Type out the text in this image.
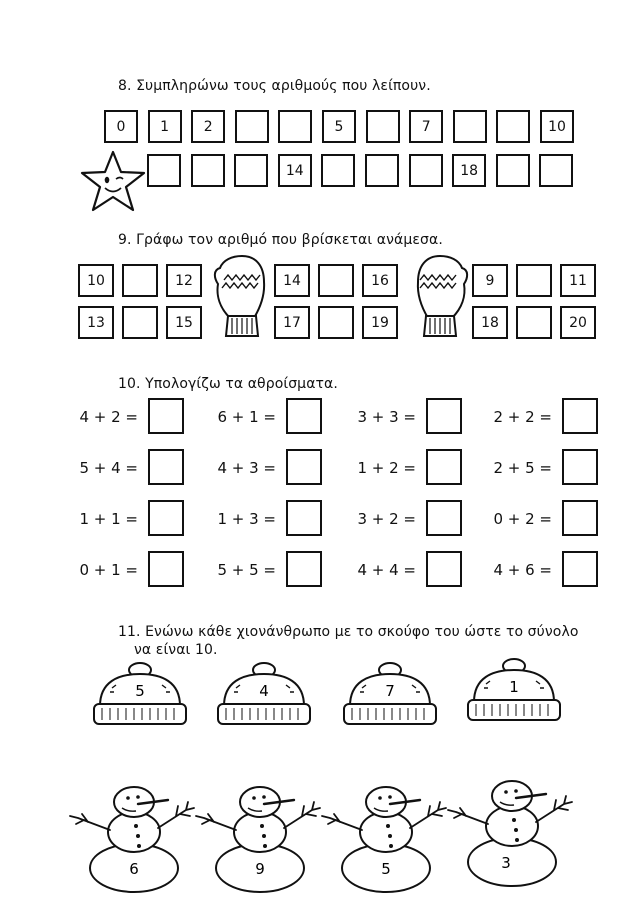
8. Συμπληρώνω τους αριθμούς που λείπουν.
0	1	2	5	7	10
14	18
9. Γράφω τον αριθμό που βρίσκεται ανάμεσα.
10	12
13	15
14	16
17	19
9	11
18	20
10. Υπολογίζω τα αθροίσματα.
4 + 2 =	6 + 1 =	3 + 3 =	2 + 2 =
5 + 4 =	4 + 3 =	1 + 2 =	2 + 5 =
1 + 1 =	1 + 3 =	3 + 2 =	0 + 2 =
0 + 1 =	5 + 5 =	4 + 4 =	4 + 6 =
11. Ενώνω κάθε χιονάνθρωπο με το σκούφο του ώστε το σύνολο
να είναι 10.
5	4	7	1
6	9	5	3
